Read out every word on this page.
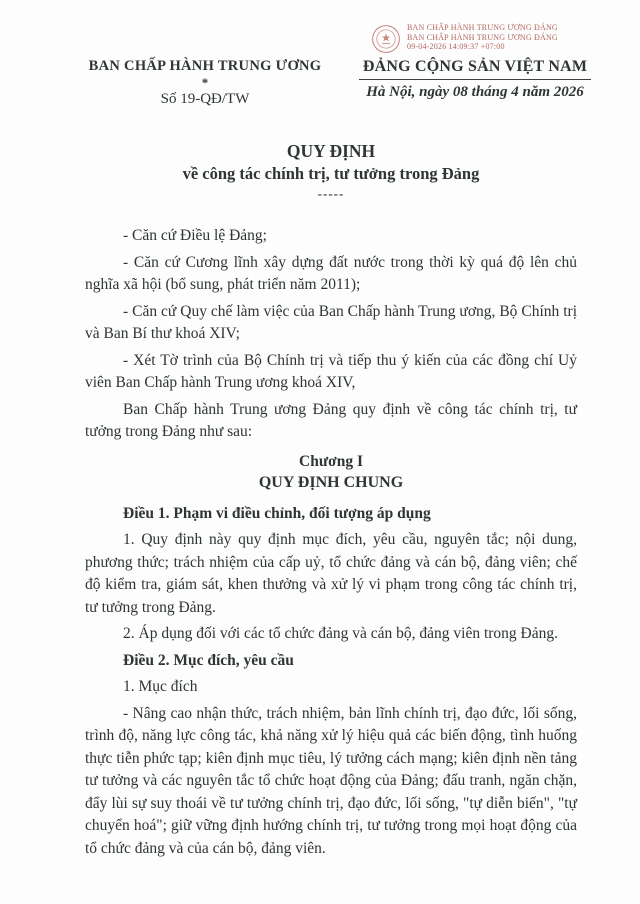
BAN CHẤP HÀNH TRUNG ƯƠNG ĐẢNG
BAN CHẤP HÀNH TRUNG ƯƠNG ĐẢNG
09-04-2026 14:09:37 +07:00
BAN CHẤP HÀNH TRUNG ƯƠNG
*
Số 19-QĐ/TW
ĐẢNG CỘNG SẢN VIỆT NAM
Hà Nội, ngày 08 tháng 4 năm 2026
QUY ĐỊNH
về công tác chính trị, tư tưởng trong Đảng
-----

- Căn cứ Điều lệ Đảng;

- Căn cứ Cương lĩnh xây dựng đất nước trong thời kỳ quá độ lên chủ nghĩa xã hội (bổ sung, phát triển năm 2011);

- Căn cứ Quy chế làm việc của Ban Chấp hành Trung ương, Bộ Chính trị và Ban Bí thư khoá XIV;

- Xét Tờ trình của Bộ Chính trị và tiếp thu ý kiến của các đồng chí Uỷ viên Ban Chấp hành Trung ương khoá XIV,

Ban Chấp hành Trung ương Đảng quy định về công tác chính trị, tư tưởng trong Đảng như sau:

Chương I
QUY ĐỊNH CHUNG

Điều 1. Phạm vi điều chỉnh, đối tượng áp dụng

1. Quy định này quy định mục đích, yêu cầu, nguyên tắc; nội dung, phương thức; trách nhiệm của cấp uỷ, tổ chức đảng và cán bộ, đảng viên; chế độ kiểm tra, giám sát, khen thưởng và xử lý vi phạm trong công tác chính trị, tư tưởng trong Đảng.

2. Áp dụng đối với các tổ chức đảng và cán bộ, đảng viên trong Đảng.

Điều 2. Mục đích, yêu cầu

1. Mục đích

- Nâng cao nhận thức, trách nhiệm, bản lĩnh chính trị, đạo đức, lối sống, trình độ, năng lực công tác, khả năng xử lý hiệu quả các biến động, tình huống thực tiễn phức tạp; kiên định mục tiêu, lý tưởng cách mạng; kiên định nền tảng tư tưởng và các nguyên tắc tổ chức hoạt động của Đảng; đấu tranh, ngăn chặn, đẩy lùi sự suy thoái về tư tưởng chính trị, đạo đức, lối sống, "tự diễn biến", "tự chuyển hoá"; giữ vững định hướng chính trị, tư tưởng trong mọi hoạt động của tổ chức đảng và của cán bộ, đảng viên.
